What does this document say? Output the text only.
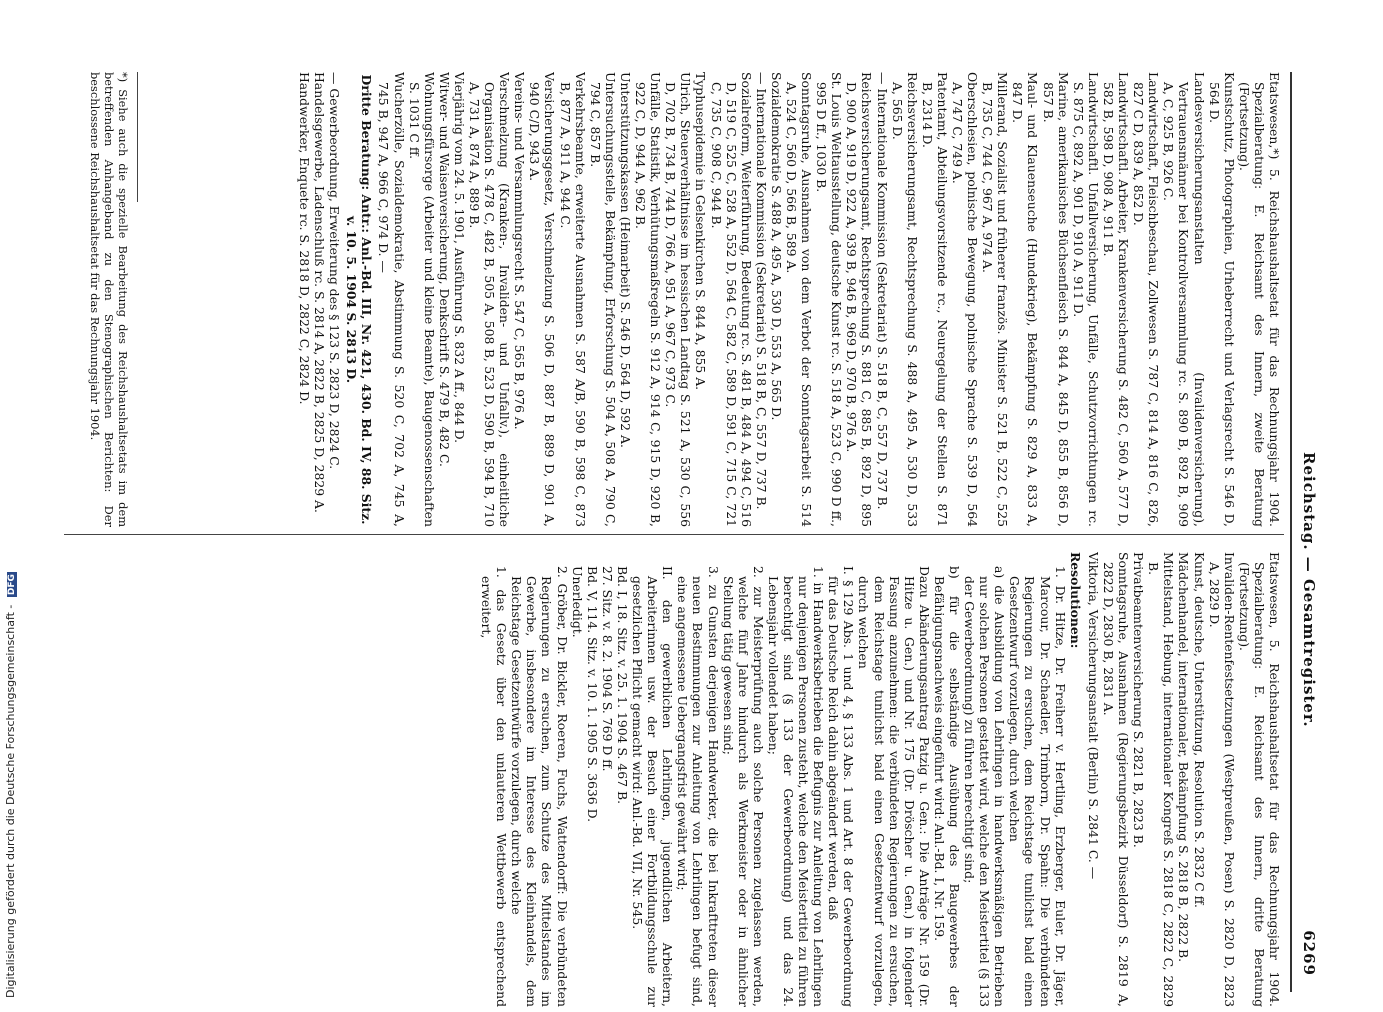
Reichstag. — Gesamtregister.
6269

Etatswesen,*) 5. Reichshaushaltsetat für das Rechnungsjahr 1904. Spezialberatung: E. Reichsamt des Innern, zweite Beratung (Fortsetzung).

Kunstschutz, Photographien, Urheberrecht und Verlagsrecht S. 546 D, 564 D.

Landesversicherungsanstalten (Invalidenversicherung), Vertrauensmänner bei Kontrollversammlung rc. S. 890 B, 892 B, 909 A, C, 925 B, 926 C.

Landwirtschaft, Fleischbeschau, Zollwesen S. 787 C, 814 A, 816 C, 826, 827 C D, 839 A, 852 D.

Landwirtschaftl. Arbeiter, Krankenversicherung S. 482 C, 560 A, 577 D, 582 B, 598 D, 908 A, 911 B.

Landwirtschaftl. Unfallversicherung, Unfälle, Schutzvorrichtungen rc. S. 875 C, 892 A, 901 D, 910 A, 911 D.

Marine, amerikanisches Büchsenfleisch S. 844 A, 845 D, 855 B, 856 D, 857 B.

Maul- und Klauenseuche (Hundekrieg), Bekämpfung S. 829 A, 833 A, 847 D.

Millerand, Sozialist und früherer französ. Minister S. 521 B, 522 C, 525 B, 735 C, 744 C, 967 A, 974 A.

Oberschlesien, polnische Bewegung, polnische Sprache S. 539 D, 564 A, 747 C, 749 A.

Patentamt, Abteilungsvorsitzende rc., Neuregelung der Stellen S. 871 B, 2314 D.

Reichsversicherungsamt, Rechtsprechung S. 488 A, 495 A, 530 D, 533 A, 565 D.

— Internationale Kommission (Sekretariat) S. 518 B, C, 557 D, 737 B.

Reichsversicherungsamt, Rechtsprechung S. 881 C, 885 B, 892 D, 895 D, 900 A, 919 D, 922 A, 939 B, 946 B, 969 D, 970 B, 976 A.

St. Louis Weltausstellung, deutsche Kunst rc. S. 518 A, 523 C, 990 D ff., 995 D ff., 1030 B.

Sonntagsruhe, Ausnahmen von dem Verbot der Sonntagsarbeit S. 514 A, 524 C, 560 D, 566 B, 589 A.

Sozialdemokratie S. 488 A, 495 A, 530 D, 553 A, 565 D.

— Internationale Kommission (Sekretariat) S. 518 B, C, 557 D, 737 B.

Sozialreform, Weiterführung, Bedeutung rc. S. 481 B, 484 A, 494 C, 516 D, 519 C, 525 C, 528 A, 552 D, 564 C, 582 C, 589 D, 591 C, 715 C, 721 C, 735 C, 908 C, 944 B.

Typhusepidemie in Gelsenkirchen S. 844 A, 855 A.

Ulrich, Steuerverhältnisse im hessischen Landtag S. 521 A, 530 C, 556 D, 702 B, 734 B, 744 D, 766 A, 951 A, 967 C, 973 C.

Unfälle, Statistik, Verhütungsmaßregeln S. 912 A, 914 C, 915 D, 920 B, 922 C, D, 944 A, 962 B.

Unterstützungskassen (Heimarbeit) S. 546 D, 564 D, 592 A.

Untersuchungsstelle, Bekämpfung, Erforschung S. 504 A, 508 A, 790 C, 794 C, 857 B.

Verkehrsbeamte, erweiterte Ausnahmen S. 587 A/B, 590 B, 598 C, 873 B, 877 A, 911 A, 944 C.

Versicherungsgesetz, Verschmelzung S. 506 D, 887 B, 889 D, 901 A, 940 C/D, 943 A.

Vereins- und Versammlungsrecht S. 547 C, 565 B, 976 A.

Verschmelzung (Kranken-, Invaliden- und Unfallv.), einheitliche Organisation S. 478 C, 482 B, 505 A, 508 B, 523 D, 590 B, 594 B, 710 A, 731 A, 874 A, 889 B.

Vierjährig vom 24. 5. 1901, Ausführung S. 832 A ff., 844 D.

Witwer- und Waisenversicherung, Denkschrift S. 479 B, 482 C.

Wohnungsfürsorge (Arbeiter und kleine Beamte), Baugenossenschaften S. 1031 C ff.

Wucherzölle, Sozialdemokratie, Abstimmung S. 520 C, 702 A, 745 A, 745 B, 947 A, 966 C, 974 D. —

Dritte Beratung: Antr.: Anl.-Bd. III, Nr. 421, 430. Bd. IV, 88. Sitz. v. 10. 5. 1904 S. 2813 D.

— Gewerbeordnung, Erweiterung des § 123 S. 2823 D, 2824 C.

Handelsgewerbe, Ladenschluß rc. S. 2814 A, 2822 B, 2825 D, 2829 A.

Handwerker, Enquete rc. S. 2818 D, 2822 C, 2824 D.

Etatswesen, 5. Reichshaushaltsetat für das Rechnungsjahr 1904. Spezialberatung: E. Reichsamt des Innern, dritte Beratung (Fortsetzung).

Invaliden-Rentenfestsetzungen (Westpreußen, Posen) S. 2820 D, 2823 A, 2829 D.

Kunst, deutsche, Unterstützung, Resolution S. 2832 C ff.

Mädchenhandel, internationaler, Bekämpfung S. 2818 B, 2822 B.

Mittelstand, Hebung, internationaler Kongreß S. 2818 C, 2822 C, 2829 B.

Privatbeamtenversicherung S. 2821 B, 2823 B.

Sonntagsruhe, Ausnahmen (Regierungsbezirk Düsseldorf) S. 2819 A, 2822 D, 2830 B, 2831 A.

Viktoria, Versicherungsanstalt (Berlin) S. 2841 C. —

Resolutionen:

1. Dr. Hitze, Dr. Freiherr v. Hertling, Erzberger, Euler, Dr. Jäger, Marcour, Dr. Schaedler, Trimborn, Dr. Spahn: Die verbündeten Regierungen zu ersuchen, dem Reichstage tunlichst bald einen Gesetzentwurf vorzulegen, durch welchen

a) die Ausbildung von Lehrlingen in handwerksmäßigen Betrieben nur solchen Personen gestattet wird, welche den Meistertitel (§ 133 der Gewerbeordnung) zu führen berechtigt sind;

b) für die selbständige Ausübung des Baugewerbes der Befähigungsnachweis eingeführt wird: Anl.-Bd. I, Nr. 159.

Dazu Abänderungsantrag Patzig u. Gen.: Die Anträge Nr. 159 (Dr. Hitze u. Gen.) und Nr. 175 (Dr. Dröscher u. Gen.) in folgender Fassung anzunehmen: die verbündeten Regierungen zu ersuchen, dem Reichstage tunlichst bald einen Gesetzentwurf vorzulegen, durch welchen

I. § 129 Abs. 1 und 4, § 133 Abs. 1 und Art. 8 der Gewerbeordnung für das Deutsche Reich dahin abgeändert werden, daß

1. in Handwerksbetrieben die Befugnis zur Anleitung von Lehrlingen nur denjenigen Personen zusteht, welche den Meistertitel zu führen berechtigt sind (§ 133 der Gewerbeordnung) und das 24. Lebensjahr vollendet haben;

2. zur Meisterprüfung auch solche Personen zugelassen werden, welche fünf Jahre hindurch als Werkmeister oder in ähnlicher Stellung tätig gewesen sind;

3. zu Gunsten derjenigen Handwerker, die bei Inkrafttreten dieser neuen Bestimmungen zur Anleitung von Lehrlingen befugt sind, eine angemessene Uebergangsfrist gewährt wird;

II. den gewerblichen Lehrlingen, jugendlichen Arbeitern, Arbeiterinnen usw. der Besuch einer Fortbildungsschule zur gesetzlichen Pflicht gemacht wird: Anl.-Bd. VII, Nr. 545.

Bd. I, 18. Sitz. v. 25. 1. 1904 S. 467 B.

27. Sitz. v. 8. 2. 1904 S. 769 D ff.

Bd. V, 114. Sitz. v. 10. 1. 1905 S. 3636 D.

Unerledigt.

2. Gröber, Dr. Bickler, Roeren, Fuchs, Wattendorff: Die verbündeten Regierungen zu ersuchen, zum Schutze des Mittelstandes im Gewerbe, insbesondere im Interesse des Kleinhandels, dem Reichstage Gesetzentwürfe vorzulegen, durch welche

1. das Gesetz über den unlauteren Wettbewerb entsprechend erweitert,

*) Siehe auch die spezielle Bearbeitung des Reichshaushaltsetats im dem betreffenden Anhangeband zu den Stenographischen Berichten: Der beschlossene Reichshaushaltsetat für das Rechnungsjahr 1904.

Digitalisierung gefördert durch die Deutsche Forschungsgemeinschaft - DFG
